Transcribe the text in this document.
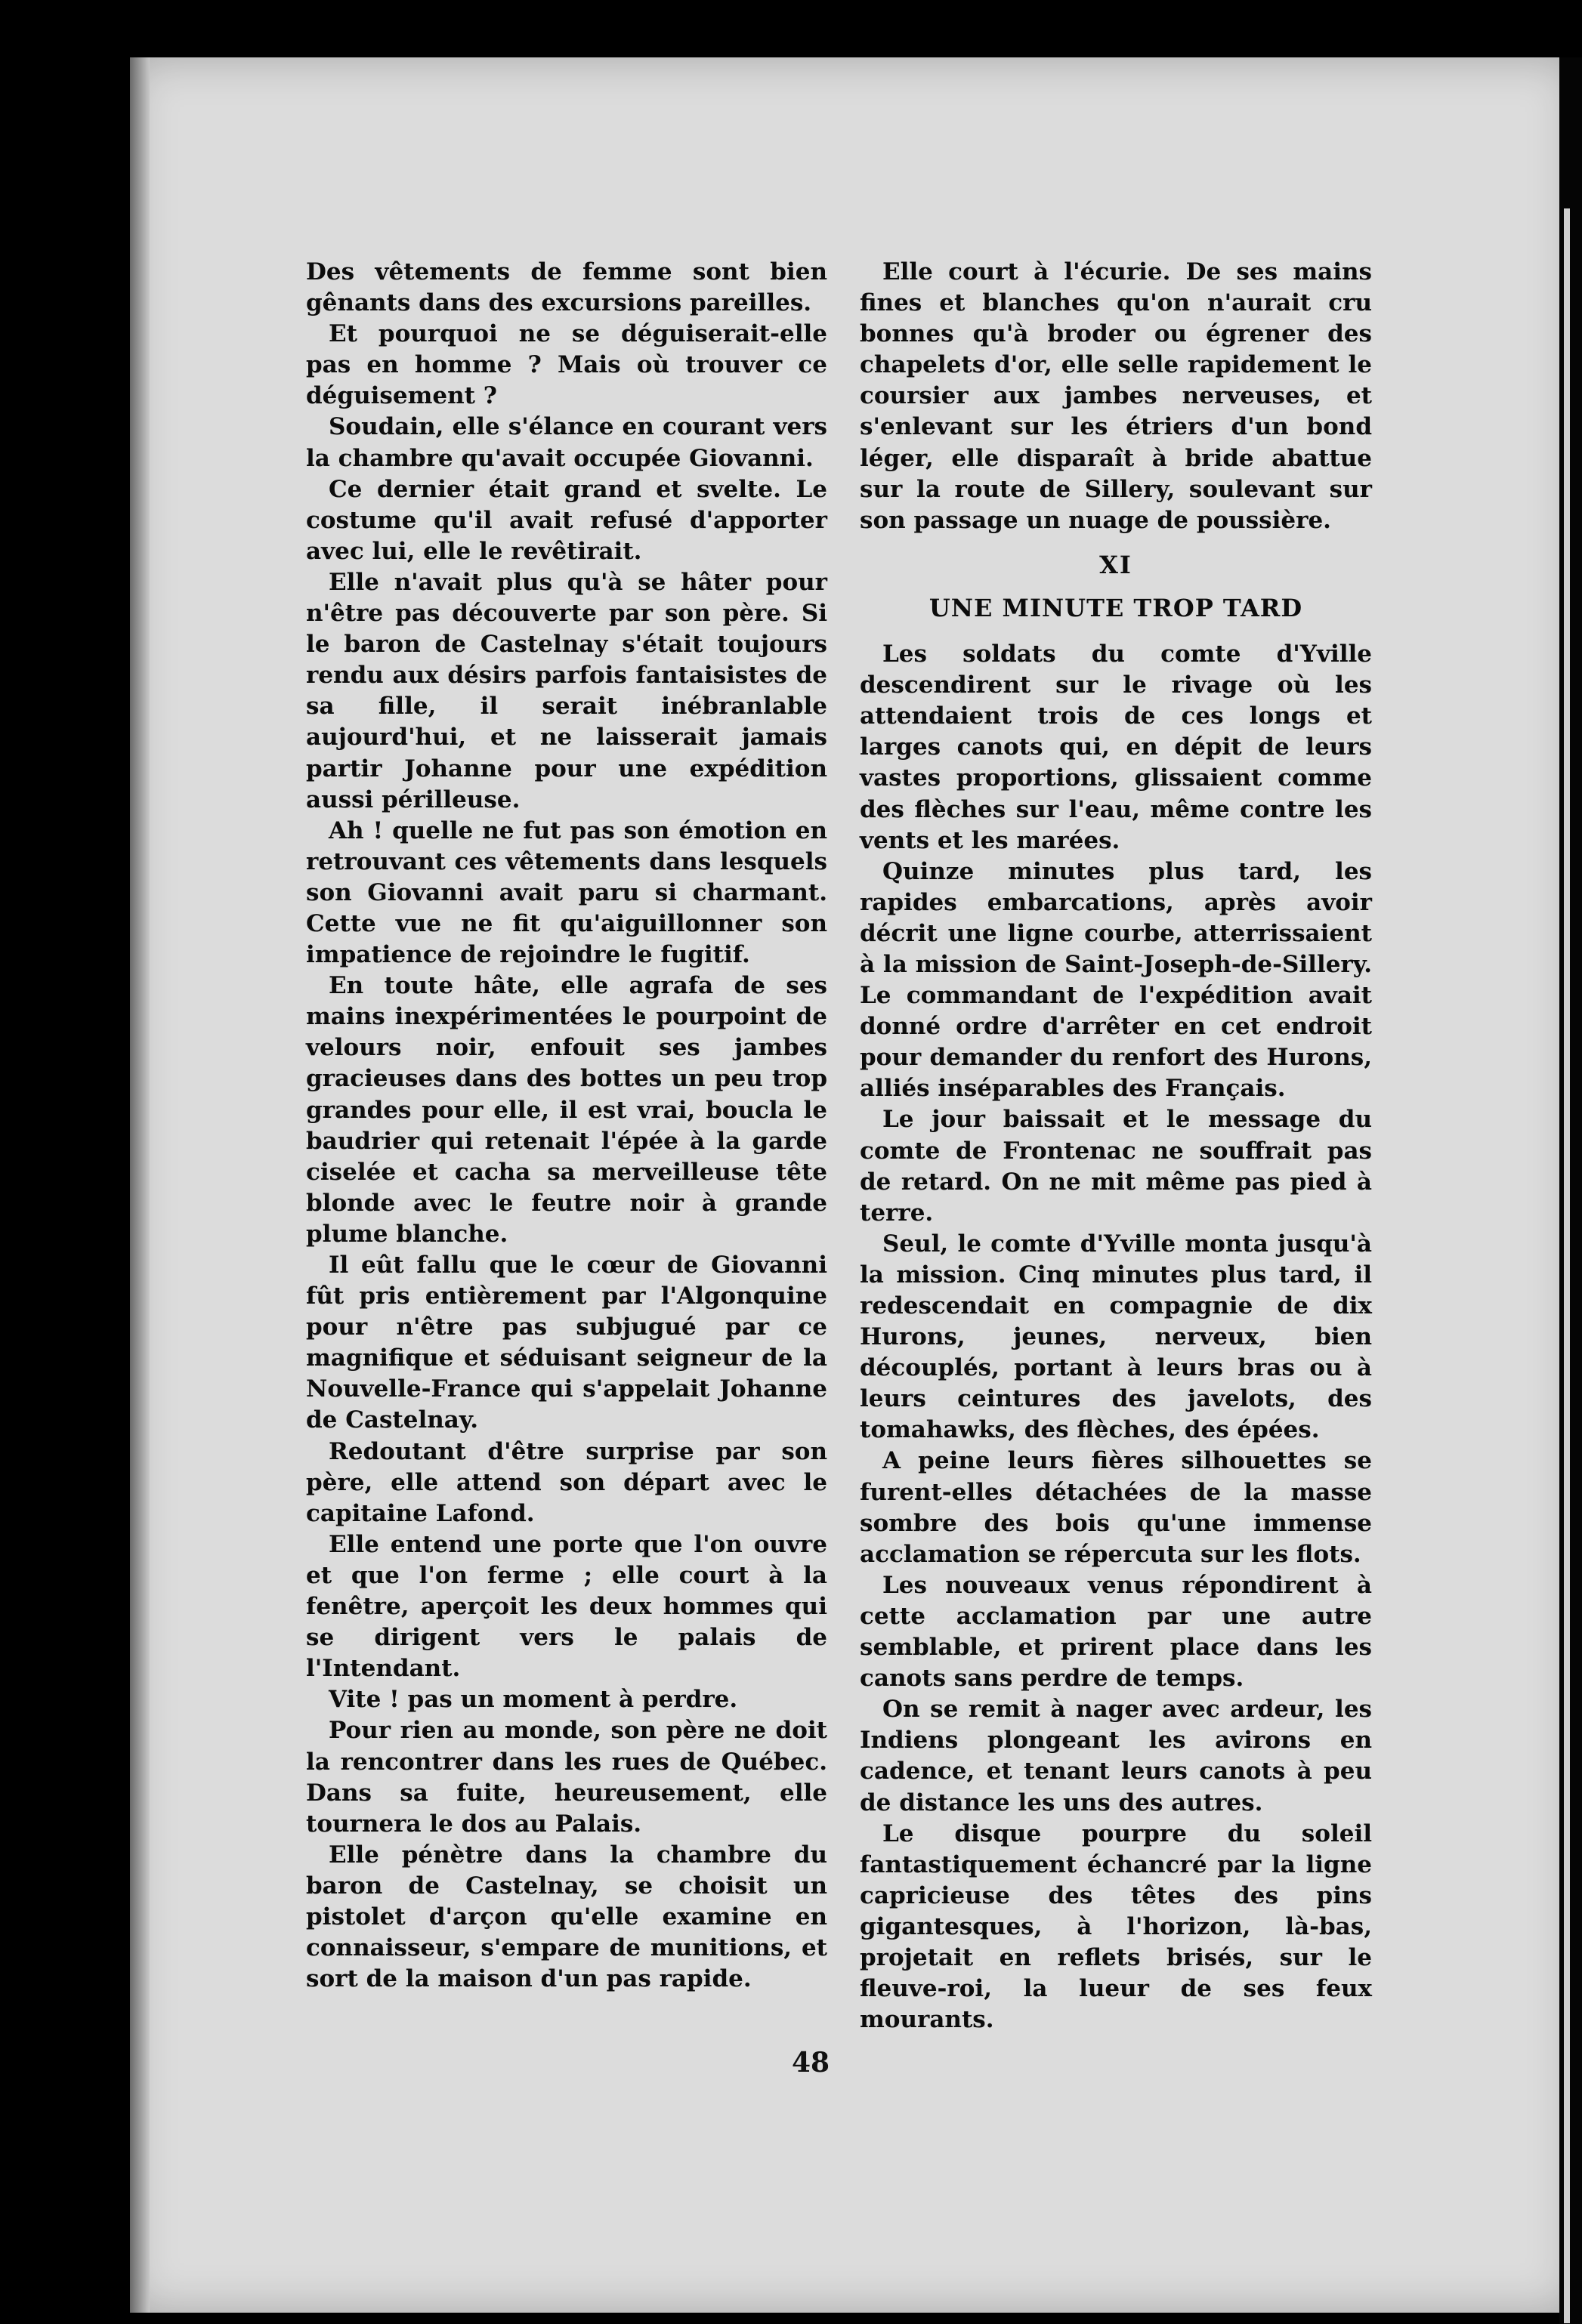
Des vêtements de femme sont bien gênants dans des excursions pareilles.

Et pourquoi ne se déguiserait-elle pas en homme ? Mais où trouver ce déguisement ?

Soudain, elle s'élance en courant vers la chambre qu'avait occupée Giovanni.

Ce dernier était grand et svelte. Le costume qu'il avait refusé d'apporter avec lui, elle le revêtirait.

Elle n'avait plus qu'à se hâter pour n'être pas découverte par son père. Si le baron de Castelnay s'était toujours rendu aux désirs parfois fantaisistes de sa fille, il serait inébranlable aujourd'hui, et ne laisserait jamais partir Johanne pour une expédition aussi périlleuse.

Ah ! quelle ne fut pas son émotion en retrouvant ces vêtements dans lesquels son Giovanni avait paru si charmant. Cette vue ne fit qu'aiguillonner son impatience de rejoindre le fugitif.

En toute hâte, elle agrafa de ses mains inexpérimentées le pourpoint de velours noir, enfouit ses jambes gracieuses dans des bottes un peu trop grandes pour elle, il est vrai, boucla le baudrier qui retenait l'épée à la garde ciselée et cacha sa merveilleuse tête blonde avec le feutre noir à grande plume blanche.

Il eût fallu que le cœur de Giovanni fût pris entièrement par l'Algonquine pour n'être pas subjugué par ce magnifique et séduisant seigneur de la Nouvelle-France qui s'appelait Johanne de Castelnay.

Redoutant d'être surprise par son père, elle attend son départ avec le capitaine Lafond.

Elle entend une porte que l'on ouvre et que l'on ferme ; elle court à la fenêtre, aperçoit les deux hommes qui se dirigent vers le palais de l'Intendant.

Vite ! pas un moment à perdre.

Pour rien au monde, son père ne doit la rencontrer dans les rues de Québec. Dans sa fuite, heureusement, elle tournera le dos au Palais.

Elle pénètre dans la chambre du baron de Castelnay, se choisit un pistolet d'arçon qu'elle examine en connaisseur, s'empare de munitions, et sort de la maison d'un pas rapide.

Elle court à l'écurie. De ses mains fines et blanches qu'on n'aurait cru bonnes qu'à broder ou égrener des chapelets d'or, elle selle rapidement le coursier aux jambes nerveuses, et s'enlevant sur les étriers d'un bond léger, elle disparaît à bride abattue sur la route de Sillery, soulevant sur son passage un nuage de poussière.

XI
UNE MINUTE TROP TARD

Les soldats du comte d'Yville descendirent sur le rivage où les attendaient trois de ces longs et larges canots qui, en dépit de leurs vastes proportions, glissaient comme des flèches sur l'eau, même contre les vents et les marées.

Quinze minutes plus tard, les rapides embarcations, après avoir décrit une ligne courbe, atterrissaient à la mission de Saint-Joseph-de-Sillery. Le commandant de l'expédition avait donné ordre d'arrêter en cet endroit pour demander du renfort des Hurons, alliés inséparables des Français.

Le jour baissait et le message du comte de Frontenac ne souffrait pas de retard. On ne mit même pas pied à terre.

Seul, le comte d'Yville monta jusqu'à la mission. Cinq minutes plus tard, il redescendait en compagnie de dix Hurons, jeunes, nerveux, bien découplés, portant à leurs bras ou à leurs ceintures des javelots, des tomahawks, des flèches, des épées.

A peine leurs fières silhouettes se furent-elles détachées de la masse sombre des bois qu'une immense acclamation se répercuta sur les flots.

Les nouveaux venus répondirent à cette acclamation par une autre semblable, et prirent place dans les canots sans perdre de temps.

On se remit à nager avec ardeur, les Indiens plongeant les avirons en cadence, et tenant leurs canots à peu de distance les uns des autres.

Le disque pourpre du soleil fantastiquement échancré par la ligne capricieuse des têtes des pins gigantesques, à l'horizon, là-bas, projetait en reflets brisés, sur le fleuve-roi, la lueur de ses feux mourants.

48
